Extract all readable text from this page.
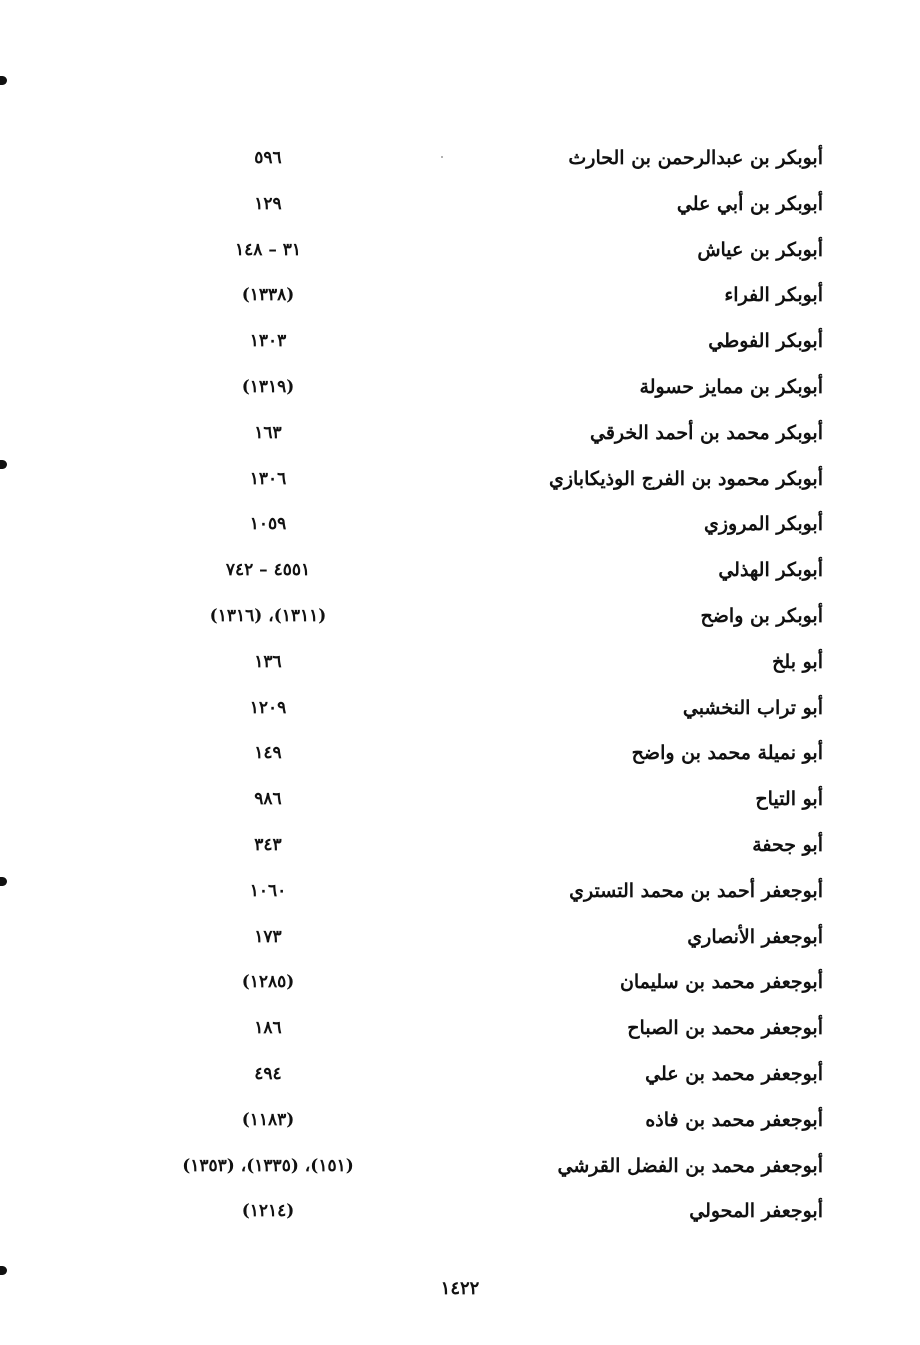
أبوبكر بن عبدالرحمن بن الحارث
٥٩٦
أبوبكر بن أبي علي
١٢٩
أبوبكر بن عياش
٣١ – ١٤٨
أبوبكر الفراء
(١٣٣٨)
أبوبكر الفوطي
١٣٠٣
أبوبكر بن ممايز حسولة
(١٣١٩)
أبوبكر محمد بن أحمد الخرقي
١٦٣
أبوبكر محمود بن الفرج الوذيكابازي
١٣٠٦
أبوبكر المروزي
١٠٥٩
أبوبكر الهذلي
٤٥٥١ – ٧٤٢
أبوبكر بن واضح
(١٣١١)، (١٣١٦)
أبو بلخ
١٣٦
أبو تراب النخشبي
١٢٠٩
أبو نميلة محمد بن واضح
١٤٩
أبو التياح
٩٨٦
أبو جحفة
٣٤٣
أبوجعفر أحمد بن محمد التستري
١٠٦٠
أبوجعفر الأنصاري
١٧٣
أبوجعفر محمد بن سليمان
(١٢٨٥)
أبوجعفر محمد بن الصباح
١٨٦
أبوجعفر محمد بن علي
٤٩٤
أبوجعفر محمد بن فاذه
(١١٨٣)
أبوجعفر محمد بن الفضل القرشي
(١٥١)، (١٣٣٥)، (١٣٥٣)
أبوجعفر المحولي
(١٢١٤)
١٤٢٢
